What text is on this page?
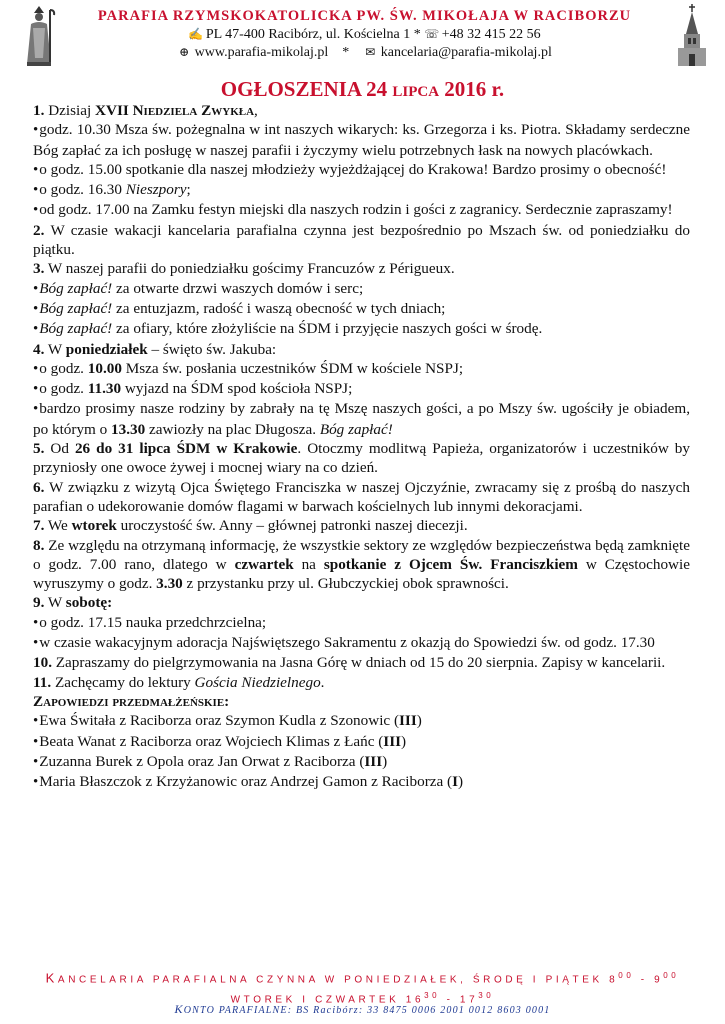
PARAFIA RZYMSKOKATOLICKA PW. ŚW. MIKOŁAJA W RACIBORZU
✍ PL 47-400 Racibórz, ul. Kościelna 1 * ☏ +48 32 415 22 56
⊕ www.parafia-mikolaj.pl * ✉ kancelaria@parafia-mikolaj.pl
OGŁOSZENIA 24 LIPCA 2016 r.

1. Dzisiaj XVII Niedziela Zwykła,

• godz. 10.30 Msza św. pożegnalna w int naszych wikarych: ks. Grzegorza i ks. Piotra. Składamy serdeczne Bóg zapłać za ich posługę w naszej parafii i życzymy wielu potrzebnych łask na nowych placówkach.

• o godz. 15.00 spotkanie dla naszej młodzieży wyjeżdżającej do Krakowa! Bardzo prosimy o obecność!

• o godz. 16.30 Nieszpory;

• od godz. 17.00 na Zamku festyn miejski dla naszych rodzin i gości z zagranicy. Serdecznie zapraszamy!

2. W czasie wakacji kancelaria parafialna czynna jest bezpośrednio po Mszach św. od poniedziałku do piątku.

3. W naszej parafii do poniedziałku gościmy Francuzów z Périgueux.

• Bóg zapłać! za otwarte drzwi waszych domów i serc;

• Bóg zapłać! za entuzjazm, radość i waszą obecność w tych dniach;

• Bóg zapłać! za ofiary, które złożyliście na ŚDM i przyjęcie naszych gości w środę.

4. W poniedziałek – święto św. Jakuba:

• o godz. 10.00 Msza św. posłania uczestników ŚDM w kościele NSPJ;

• o godz. 11.30 wyjazd na ŚDM spod kościoła NSPJ;

• bardzo prosimy nasze rodziny by zabrały na tę Mszę naszych gości, a po Mszy św. ugościły je obiadem, po którym o 13.30 zawiozły na plac Długosza. Bóg zapłać!

5. Od 26 do 31 lipca ŚDM w Krakowie. Otoczmy modlitwą Papieża, organizatorów i uczestników by przyniosły one owoce żywej i mocnej wiary na co dzień.

6. W związku z wizytą Ojca Świętego Franciszka w naszej Ojczyźnie, zwracamy się z prośbą do naszych parafian o udekorowanie domów flagami w barwach kościelnych lub innymi dekoracjami.

7. We wtorek uroczystość św. Anny – głównej patronki naszej diecezji.

8. Ze względu na otrzymaną informację, że wszystkie sektory ze względów bezpieczeństwa będą zamknięte o godz. 7.00 rano, dlatego w czwartek na spotkanie z Ojcem Św. Franciszkiem w Częstochowie wyruszymy o godz. 3.30 z przystanku przy ul. Głubczyckiej obok sprawności.

9. W sobotę:

• o godz. 17.15 nauka przedchrzcielna;

• w czasie wakacyjnym adoracja Najświętszego Sakramentu z okazją do Spowiedzi św. od godz. 17.30

10. Zapraszamy do pielgrzymowania na Jasna Górę w dniach od 15 do 20 sierpnia. Zapisy w kancelarii.

11. Zachęcamy do lektury Gościa Niedzielnego.

Zapowiedzi przedmałżeńskie:

• Ewa Świtała z Raciborza oraz Szymon Kudla z Szonowic (III)

• Beata Wanat z Raciborza oraz Wojciech Klimas z Łańc (III)

• Zuzanna Burek z Opola oraz Jan Orwat z Raciborza (III)

• Maria Błaszczok z Krzyżanowic oraz Andrzej Gamon z Raciborza (I)

KANCELARIA PARAFIALNA CZYNNA W PONIEDZIAŁEK, ŚRODĘ I PIĄTEK $8^{00} - 9^{00}$
WTOREK I CZWARTEK $16^{30} - 17^{30}$
KONTO PARAFIALNE: BS Racibórz: 33 8475 0006 2001 0012 8603 0001
